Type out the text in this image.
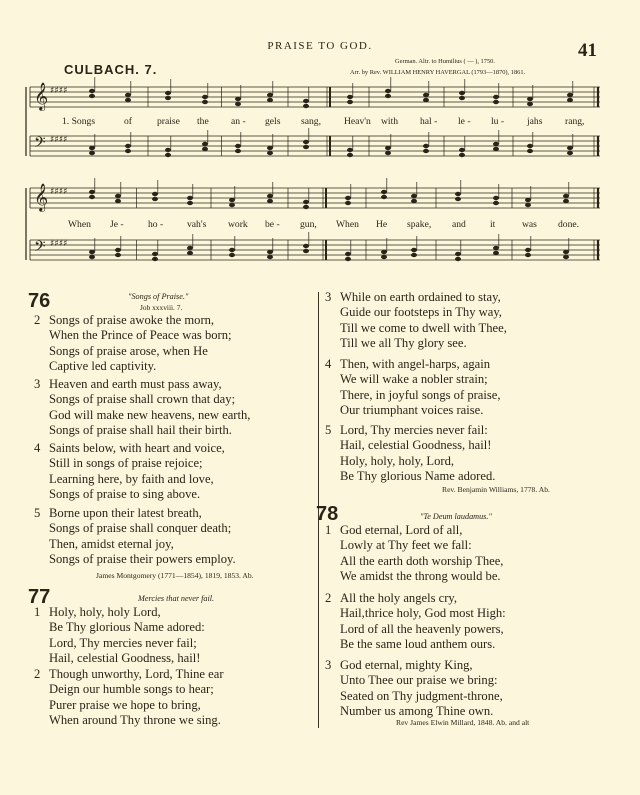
PRAISE TO GOD.	41
CULBACH. 7.
German. Altr. to Humilius ( — ), 1750.
Arr. by Rev. WILLIAM HENRY HAVERGAL (1793—1870), 1861.
𝄞
𝄢
♯♯♯♯
♯♯♯♯
𝄞
𝄢
♯♯♯♯
♯♯♯♯
1. Songs	of	praise the an - gels sang, Heav'n with hal - le - lu - jahs rang,
When Je -	ho - vah's work be - gun, When He spake, and	it	was done.
76	"Songs of Praise."
Job xxxviii. 7.
2 Songs of praise awoke the morn,
When the Prince of Peace was born;
Songs of praise arose, when He
Captive led captivity.
3 Heaven and earth must pass away,
Songs of praise shall crown that day;
God will make new heavens, new earth,
Songs of praise shall hail their birth.
4 Saints below, with heart and voice,
Still in songs of praise rejoice;
Learning here, by faith and love,
Songs of praise to sing above.
5 Borne upon their latest breath,
Songs of praise shall conquer death;
Then, amidst eternal joy,
Songs of praise their powers employ.
James Montgomery (1771—1854), 1819, 1853. Ab.
77	Mercies that never fail.
1 Holy, holy, holy Lord,
Be Thy glorious Name adored:
Lord, Thy mercies never fail;
Hail, celestial Goodness, hail!
2 Though unworthy, Lord, Thine ear
Deign our humble songs to hear;
Purer praise we hope to bring,
When around Thy throne we sing.
3 While on earth ordained to stay,
Guide our footsteps in Thy way,
Till we come to dwell with Thee,
Till we all Thy glory see.
4 Then, with angel-harps, again
We will wake a nobler strain;
There, in joyful songs of praise,
Our triumphant voices raise.
5 Lord, Thy mercies never fail:
Hail, celestial Goodness, hail!
Holy, holy, holy, Lord,
Be Thy glorious Name adored.
Rev. Benjamin Williams, 1778. Ab.
78	"Te Deum laudamus."
1 God eternal, Lord of all,
Lowly at Thy feet we fall:
All the earth doth worship Thee,
We amidst the throng would be.
2 All the holy angels cry,
Hail,thrice holy, God most High:
Lord of all the heavenly powers,
Be the same loud anthem ours.
3 God eternal, mighty King,
Unto Thee our praise we bring:
Seated on Thy judgment-throne,
Number us among Thine own.
Rev James Elwin Millard, 1848. Ab. and alt
